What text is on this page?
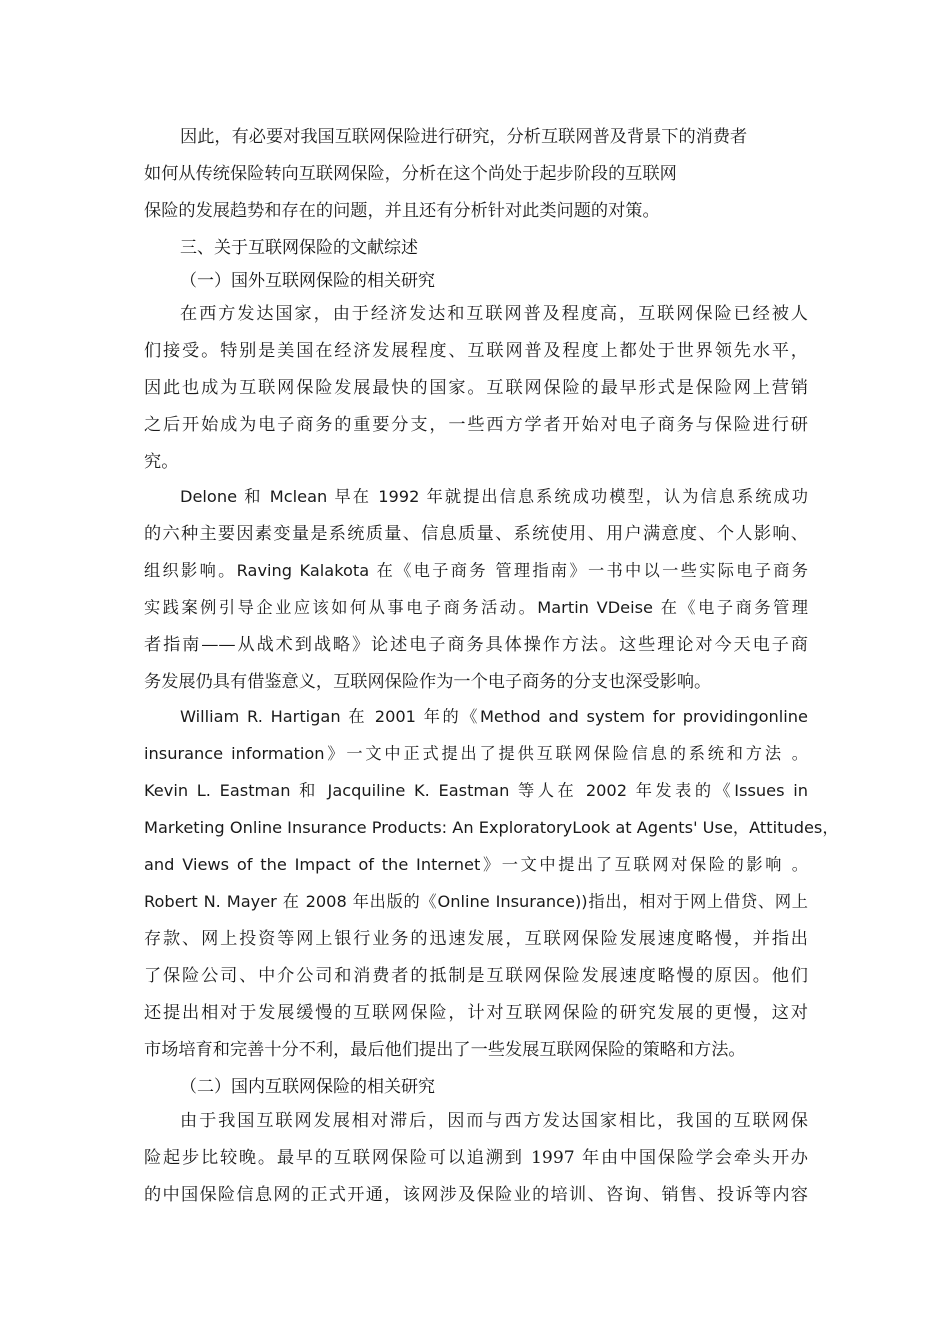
因此，有必要对我国互联网保险进行研究，分析互联网普及背景下的消费者
如何从传统保险转向互联网保险，分析在这个尚处于起步阶段的互联网
保险的发展趋势和存在的问题，并且还有分析针对此类问题的对策。
三、关于互联网保险的文献综述
（一）国外互联网保险的相关研究
在西方发达国家，由于经济发达和互联网普及程度高，互联网保险已经被人
们接受。特别是美国在经济发展程度、互联网普及程度上都处于世界领先水平，
因此也成为互联网保险发展最快的国家。互联网保险的最早形式是保险网上营销
之后开始成为电子商务的重要分支，一些西方学者开始对电子商务与保险进行研
究。
Delone 和 Mclean 早在 1992 年就提出信息系统成功模型，认为信息系统成功
的六种主要因素变量是系统质量、信息质量、系统使用、用户满意度、个人影响、
组织影响。Raving Kalakota 在《电子商务 管理指南》一书中以一些实际电子商务
实践案例引导企业应该如何从事电子商务活动。Martin VDeise 在《电子商务管理
者指南——从战术到战略》论述电子商务具体操作方法。这些理论对今天电子商
务发展仍具有借鉴意义，互联网保险作为一个电子商务的分支也深受影响。
William R. Hartigan 在 2001 年的《Method and system for providingonline
insurance information》一文中正式提出了提供互联网保险信息的系统和方法 。
Kevin L. Eastman 和 Jacquiline K. Eastman 等人在 2002 年发表的《Issues in
Marketing Online Insurance Products: An ExploratoryLook at Agents' Use，Attitudes，
and Views of the Impact of the Internet》一文中提出了互联网对保险的影响 。
Robert N. Mayer 在 2008 年出版的《Online Insurance))指出，相对于网上借贷、网上
存款、网上投资等网上银行业务的迅速发展，互联网保险发展速度略慢，并指出
了保险公司、中介公司和消费者的抵制是互联网保险发展速度略慢的原因。他们
还提出相对于发展缓慢的互联网保险，计对互联网保险的研究发展的更慢，这对
市场培育和完善十分不利，最后他们提出了一些发展互联网保险的策略和方法。
（二）国内互联网保险的相关研究
由于我国互联网发展相对滞后，因而与西方发达国家相比，我国的互联网保
险起步比较晚。最早的互联网保险可以追溯到 1997 年由中国保险学会牵头开办
的中国保险信息网的正式开通，该网涉及保险业的培训、咨询、销售、投诉等内容
